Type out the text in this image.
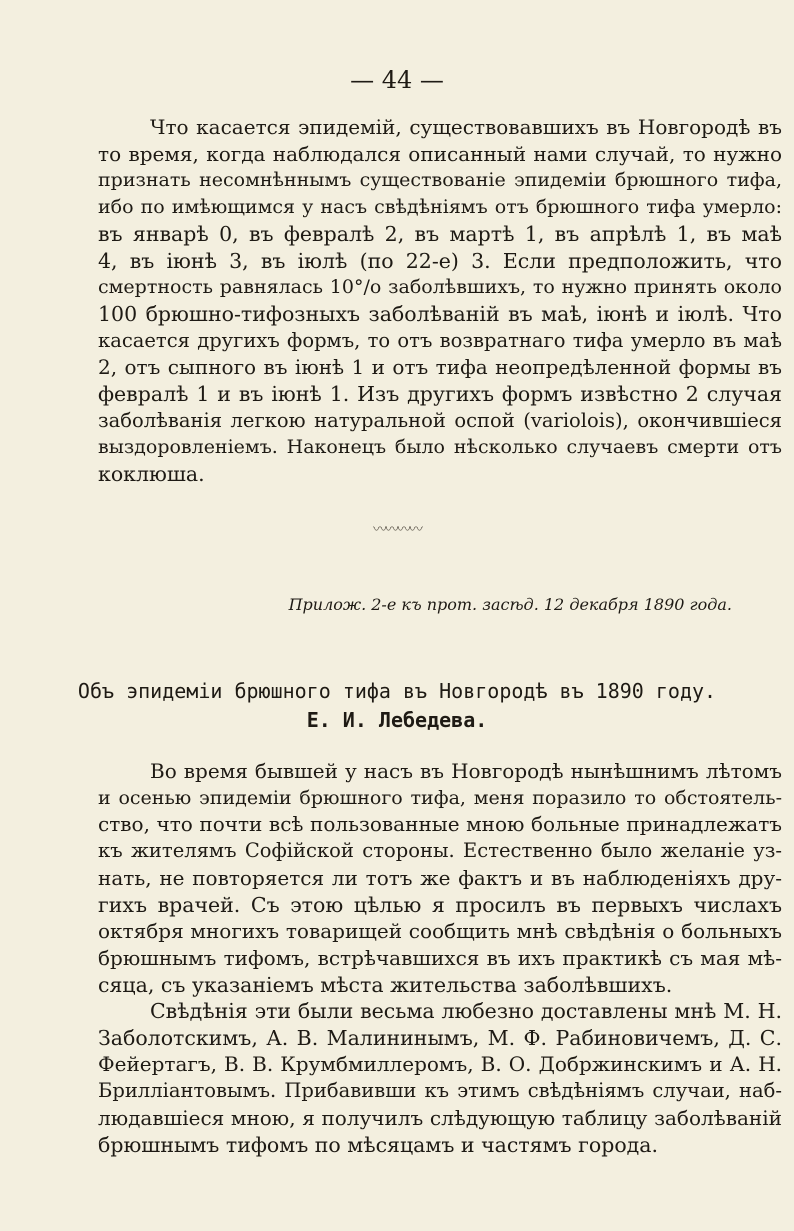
— 44 —
Что касается эпидемій, существовавшихъ въ Новгородѣ въ
то время, когда наблюдался описанный нами случай, то нужно
признать несомнѣннымъ существованіе эпидеміи брюшного тифа,
ибо по имѣющимся у насъ свѣдѣніямъ отъ брюшного тифа умерло:
въ январѣ 0, въ февралѣ 2, въ мартѣ 1, въ апрѣлѣ 1, въ маѣ
4, въ іюнѣ 3, въ іюлѣ (по 22-е) 3. Если предположить, что
смертность равнялась 10°/о заболѣвшихъ, то нужно принять около
100 брюшно-тифозныхъ заболѣваній въ маѣ, іюнѣ и іюлѣ. Что
касается другихъ формъ, то отъ возвратнаго тифа умерло въ маѣ
2, отъ сыпного въ іюнѣ 1 и отъ тифа неопредѣленной формы въ
февралѣ 1 и въ іюнѣ 1. Изъ другихъ формъ извѣстно 2 случая
заболѣванія легкою натуральной оспой (varioloіs), окончившіеся
выздоровленіемъ. Наконецъ было нѣсколько случаевъ смерти отъ
коклюша.
〰〰〰〰
Прилож. 2-е къ прот. засѣд. 12 декабря 1890 года.
Объ эпидеміи брюшного тифа въ Новгородѣ въ 1890 году.
Е. И. Лебедева.
Во время бывшей у насъ въ Новгородѣ нынѣшнимъ лѣтомъ
и осенью эпидеміи брюшного тифа, меня поразило то обстоятель-
ство, что почти всѣ пользованные мною больные принадлежатъ
къ жителямъ Софійской стороны. Естественно было желаніе уз-
нать, не повторяется ли тотъ же фактъ и въ наблюденіяхъ дру-
гихъ врачей. Съ этою цѣлью я просилъ въ первыхъ числахъ
октября многихъ товарищей сообщить мнѣ свѣдѣнія о больныхъ
брюшнымъ тифомъ, встрѣчавшихся въ ихъ практикѣ съ мая мѣ-
сяца, съ указаніемъ мѣста жительства заболѣвшихъ.
Свѣдѣнія эти были весьма любезно доставлены мнѣ М. Н.
Заболотскимъ, А. В. Малининымъ, М. Ф. Рабиновичемъ, Д. С.
Фейертагъ, В. В. Крумбмиллеромъ, В. О. Добржинскимъ и А. Н.
Бриллiантовымъ. Прибавивши къ этимъ свѣдѣніямъ случаи, наб-
людавшіеся мною, я получилъ слѣдующую таблицу заболѣваній
брюшнымъ тифомъ по мѣсяцамъ и частямъ города.
